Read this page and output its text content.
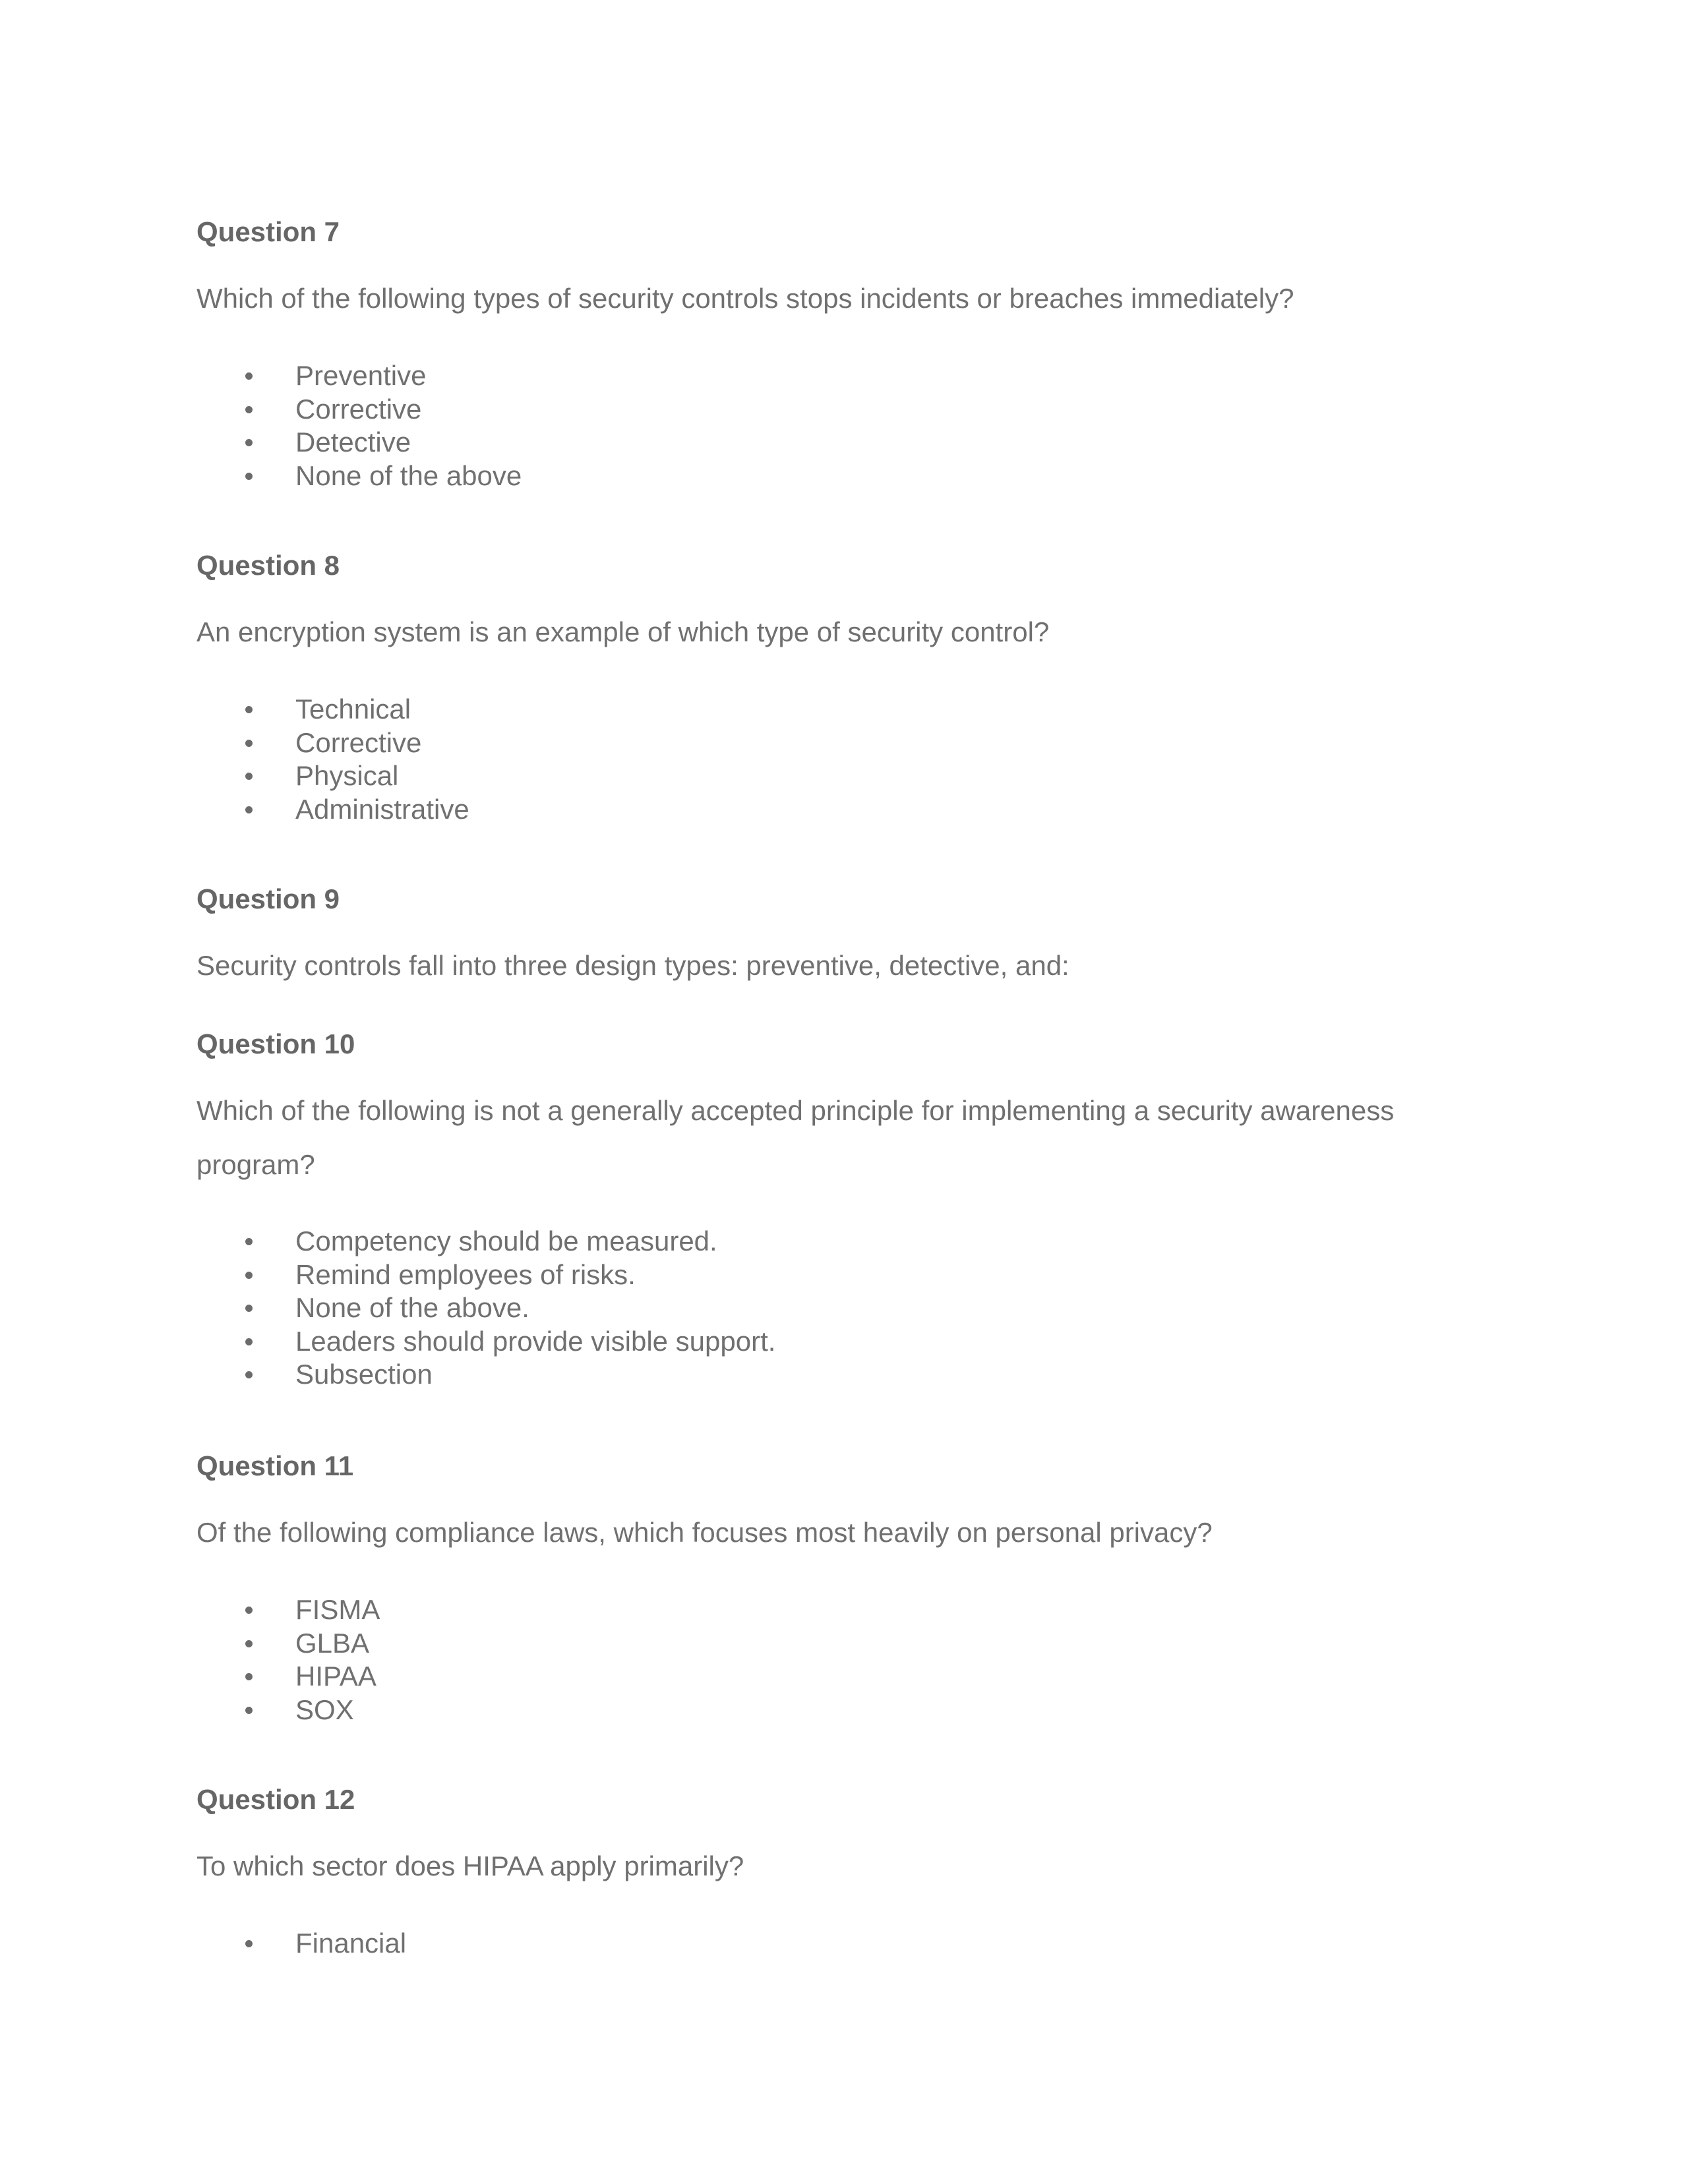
Question 7

Which of the following types of security controls stops incidents or breaches immediately?

Preventive
Corrective
Detective
None of the above
Question 8

An encryption system is an example of which type of security control?

Technical
Corrective
Physical
Administrative
Question 9

Security controls fall into three design types: preventive, detective, and:

Question 10

Which of the following is not a generally accepted principle for implementing a security awareness program?

Competency should be measured.
Remind employees of risks.
None of the above.
Leaders should provide visible support.
Subsection
Question 11

Of the following compliance laws, which focuses most heavily on personal privacy?

FISMA
GLBA
HIPAA
SOX
Question 12

To which sector does HIPAA apply primarily?

Financial
